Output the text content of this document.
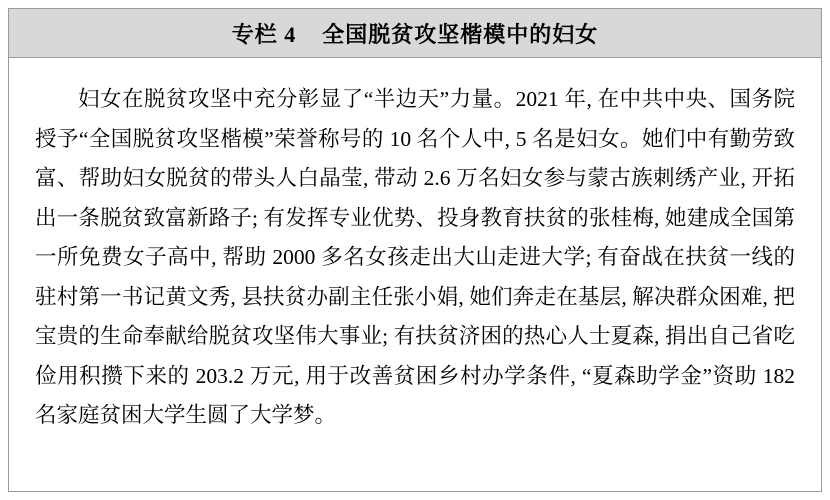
专栏 4    全国脱贫攻坚楷模中的妇女

妇女在脱贫攻坚中充分彰显了“半边天”力量。2021 年, 在中共中央、国务院授予“全国脱贫攻坚楷模”荣誉称号的 10 名个人中, 5 名是妇女。她们中有勤劳致富、帮助妇女脱贫的带头人白晶莹, 带动 2.6 万名妇女参与蒙古族刺绣产业, 开拓出一条脱贫致富新路子; 有发挥专业优势、投身教育扶贫的张桂梅, 她建成全国第一所免费女子高中, 帮助 2000 多名女孩走出大山走进大学; 有奋战在扶贫一线的驻村第一书记黄文秀, 县扶贫办副主任张小娟, 她们奔走在基层, 解决群众困难, 把宝贵的生命奉献给脱贫攻坚伟大事业; 有扶贫济困的热心人士夏森, 捐出自己省吃俭用积攒下来的 203.2 万元, 用于改善贫困乡村办学条件, “夏森助学金”资助 182 名家庭贫困大学生圆了大学梦。
